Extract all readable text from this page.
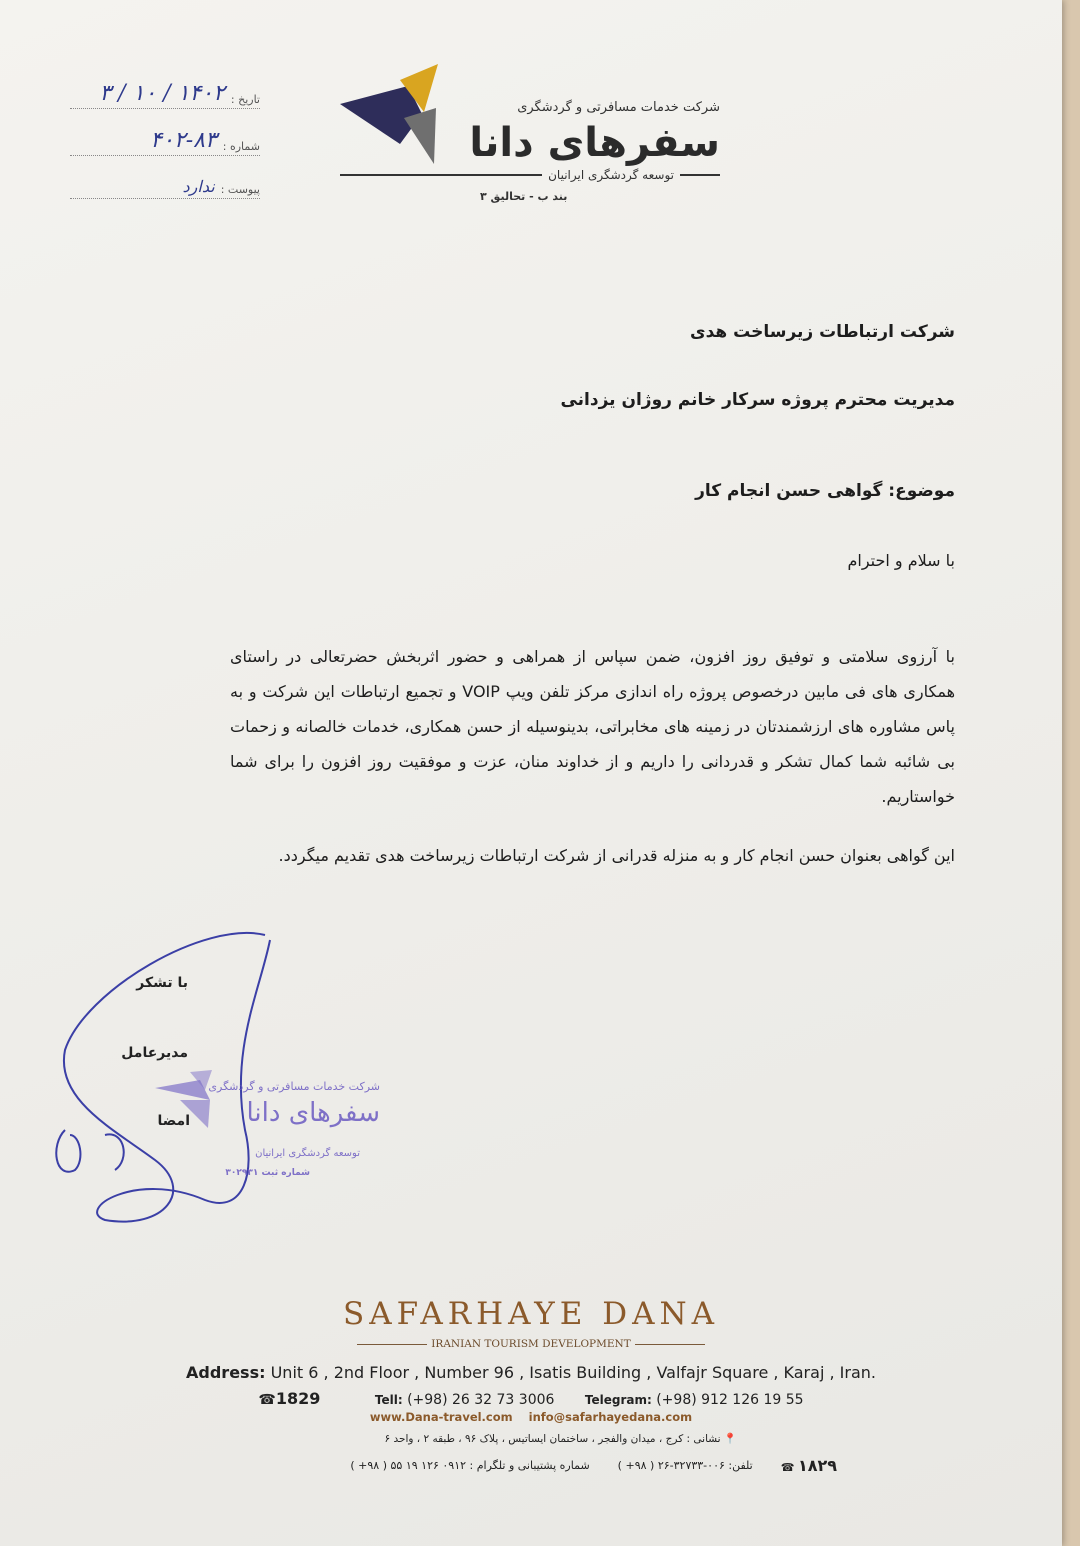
تاریخ :
۱۴۰۲ / ۱۰ / ۳
شماره :
۴۰۲-۸۳
پیوست :
ندارد
شرکت خدمات مسافرتی و گردشگری
سفرهای دانا
توسعه گردشگری ایرانیان
بند ب - تحالیق ۳
شرکت ارتباطات زیرساخت هدی
مدیریت محترم پروژه سرکار خانم روژان یزدانی
موضوع: گواهی حسن انجام کار
با سلام و احترام
با آرزوی سلامتی و توفیق روز افزون، ضمن سپاس از همراهی و حضور اثربخش حضرتعالی در راستای همکاری های فی مابین درخصوص پروژه راه اندازی مرکز تلفن ویپ VOIP و تجمیع ارتباطات این شرکت و به پاس مشاوره های ارزشمندتان در زمینه های مخابراتی، بدینوسیله از حسن همکاری، خدمات خالصانه و زحمات بی شائبه شما کمال تشکر و قدردانی را داریم و از خداوند منان، عزت و موفقیت روز افزون را برای شما خواستاریم.
این گواهی بعنوان حسن انجام کار و به منزله قدرانی از شرکت ارتباطات زیرساخت هدی تقدیم میگردد.
با تشکر
مدیرعامل
امضا
شرکت خدمات مسافرتی و گردشگری
سفرهای دانا
توسعه گردشگری ایرانیان
شماره ثبت ۳۰۲۹۳۱
SAFARHAYE DANA
IRANIAN TOURISM DEVELOPMENT
Address: Unit 6 , 2nd Floor , Number 96 , Isatis Building , Valfajr Square , Karaj , Iran.
☎1829	Tell: (+98) 26 32 73 3006	Telegram: (+98) 912 126 19 55
www.Dana-travel.com info@safarhayedana.com
📍 نشانی : کرج ، میدان والفجر ، ساختمان ایساتیس ، پلاک ۹۶ ، طبقه ۲ ، واحد ۶
۱۸۲۹ ☎
تلفن: ۰۰۶-۳۲۷۳۳-۲۶ ( ۹۸+ )
شماره پشتیبانی و تلگرام : ۰۹۱۲ ۱۲۶ ۱۹ ۵۵ ( ۹۸+ )
